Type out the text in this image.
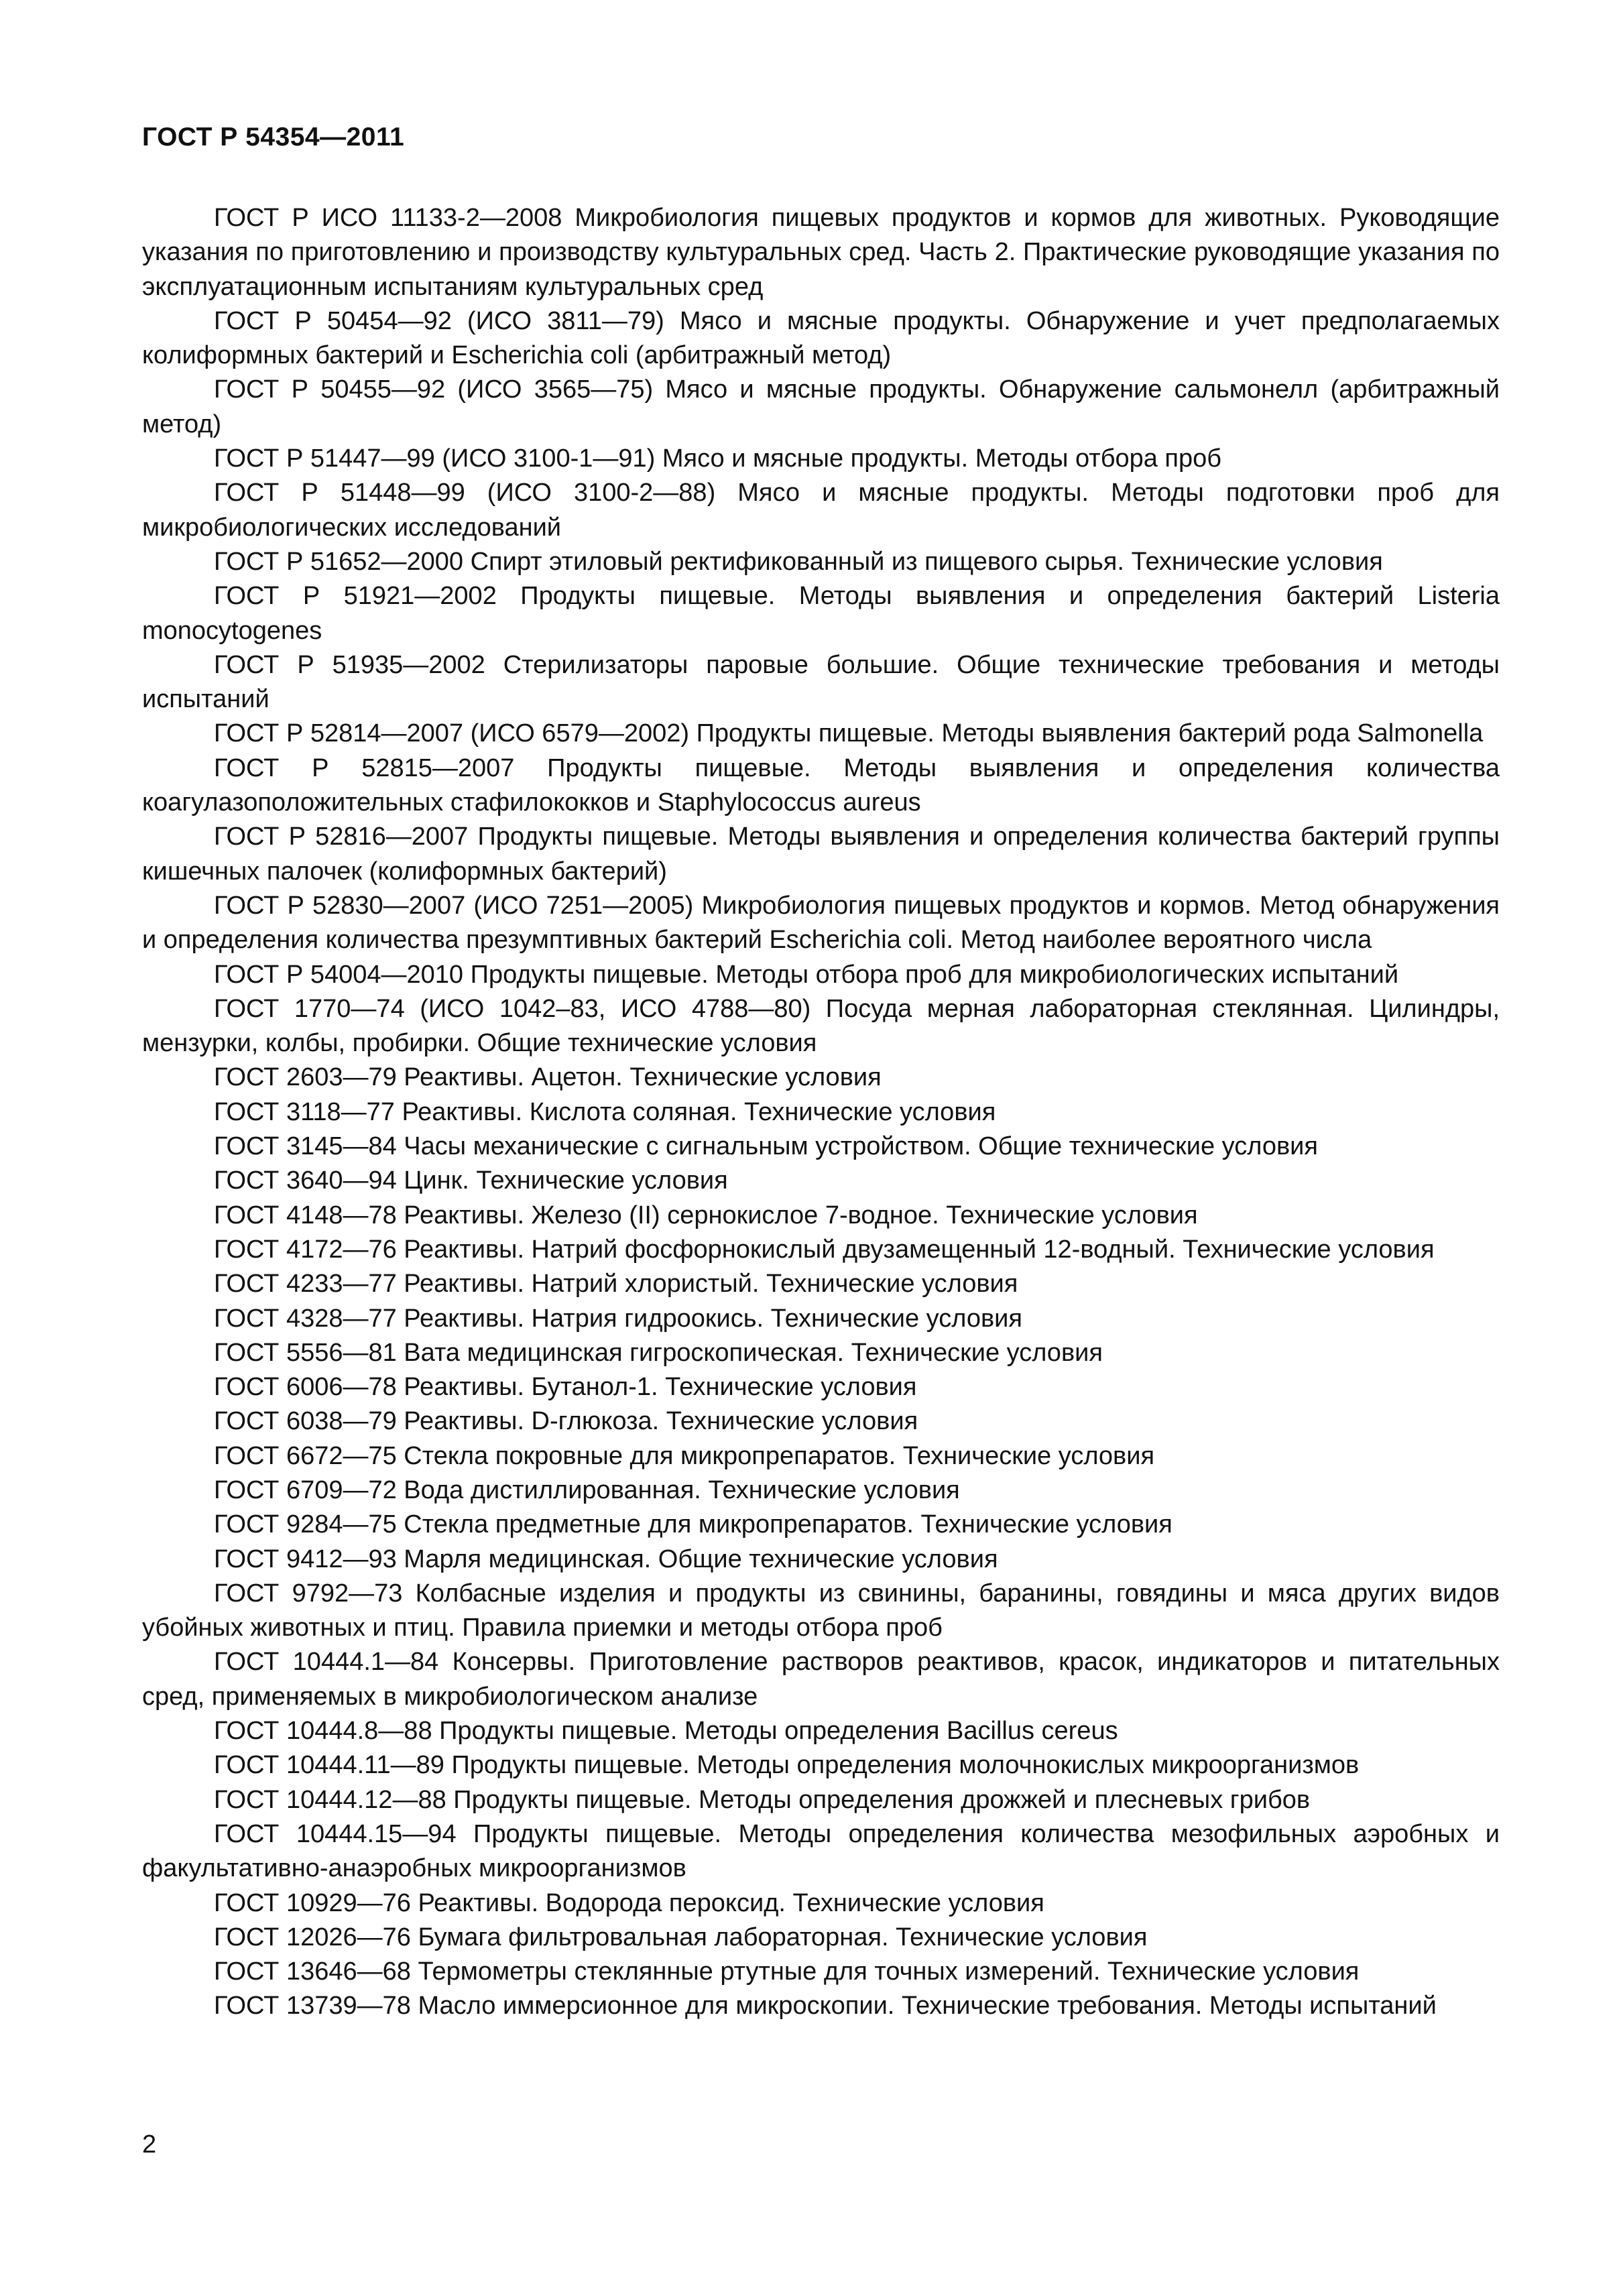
ГОСТ Р 54354—2011

ГОСТ Р ИСО 11133-2—2008 Микробиология пищевых продуктов и кормов для животных. Руководящие указания по приготовлению и производству культуральных сред. Часть 2. Практические руководящие указания по эксплуатационным испытаниям культуральных сред

ГОСТ Р 50454—92 (ИСО 3811—79) Мясо и мясные продукты. Обнаружение и учет предполагаемых колиформных бактерий и Escherichia coli (арбитражный метод)

ГОСТ Р 50455—92 (ИСО 3565—75) Мясо и мясные продукты. Обнаружение сальмонелл (арбитражный метод)

ГОСТ Р 51447—99 (ИСО 3100-1—91) Мясо и мясные продукты. Методы отбора проб

ГОСТ Р 51448—99 (ИСО 3100-2—88) Мясо и мясные продукты. Методы подготовки проб для микробиологических исследований

ГОСТ Р 51652—2000 Спирт этиловый ректификованный из пищевого сырья. Технические условия

ГОСТ Р 51921—2002 Продукты пищевые. Методы выявления и определения бактерий Listeria monocytogenes

ГОСТ Р 51935—2002 Стерилизаторы паровые большие. Общие технические требования и методы испытаний

ГОСТ Р 52814—2007 (ИСО 6579—2002) Продукты пищевые. Методы выявления бактерий рода Salmonella

ГОСТ Р 52815—2007 Продукты пищевые. Методы выявления и определения количества коагулазоположительных стафилококков и Staphylococcus aureus

ГОСТ Р 52816—2007 Продукты пищевые. Методы выявления и определения количества бактерий группы кишечных палочек (колиформных бактерий)

ГОСТ Р 52830—2007 (ИСО 7251—2005) Микробиология пищевых продуктов и кормов. Метод обнаружения и определения количества презумптивных бактерий Escherichia coli. Метод наиболее вероятного числа

ГОСТ Р 54004—2010 Продукты пищевые. Методы отбора проб для микробиологических испытаний

ГОСТ 1770—74 (ИСО 1042–83, ИСО 4788—80) Посуда мерная лабораторная стеклянная. Цилиндры, мензурки, колбы, пробирки. Общие технические условия

ГОСТ 2603—79 Реактивы. Ацетон. Технические условия

ГОСТ 3118—77 Реактивы. Кислота соляная. Технические условия

ГОСТ 3145—84 Часы механические с сигнальным устройством. Общие технические условия

ГОСТ 3640—94 Цинк. Технические условия

ГОСТ 4148—78 Реактивы. Железо (II) сернокислое 7-водное. Технические условия

ГОСТ 4172—76 Реактивы. Натрий фосфорнокислый двузамещенный 12-водный. Технические условия

ГОСТ 4233—77 Реактивы. Натрий хлористый. Технические условия

ГОСТ 4328—77 Реактивы. Натрия гидроокись. Технические условия

ГОСТ 5556—81 Вата медицинская гигроскопическая. Технические условия

ГОСТ 6006—78 Реактивы. Бутанол-1. Технические условия

ГОСТ 6038—79 Реактивы. D-глюкоза. Технические условия

ГОСТ 6672—75 Стекла покровные для микропрепаратов. Технические условия

ГОСТ 6709—72 Вода дистиллированная. Технические условия

ГОСТ 9284—75 Стекла предметные для микропрепаратов. Технические условия

ГОСТ 9412—93 Марля медицинская. Общие технические условия

ГОСТ 9792—73 Колбасные изделия и продукты из свинины, баранины, говядины и мяса других видов убойных животных и птиц. Правила приемки и методы отбора проб

ГОСТ 10444.1—84 Консервы. Приготовление растворов реактивов, красок, индикаторов и питательных сред, применяемых в микробиологическом анализе

ГОСТ 10444.8—88 Продукты пищевые. Методы определения Bacillus cereus

ГОСТ 10444.11—89 Продукты пищевые. Методы определения молочнокислых микроорганизмов

ГОСТ 10444.12—88 Продукты пищевые. Методы определения дрожжей и плесневых грибов

ГОСТ 10444.15—94 Продукты пищевые. Методы определения количества мезофильных аэробных и факультативно-анаэробных микроорганизмов

ГОСТ 10929—76 Реактивы. Водорода пероксид. Технические условия

ГОСТ 12026—76 Бумага фильтровальная лабораторная. Технические условия

ГОСТ 13646—68 Термометры стеклянные ртутные для точных измерений. Технические условия

ГОСТ 13739—78 Масло иммерсионное для микроскопии. Технические требования. Методы испытаний

2
